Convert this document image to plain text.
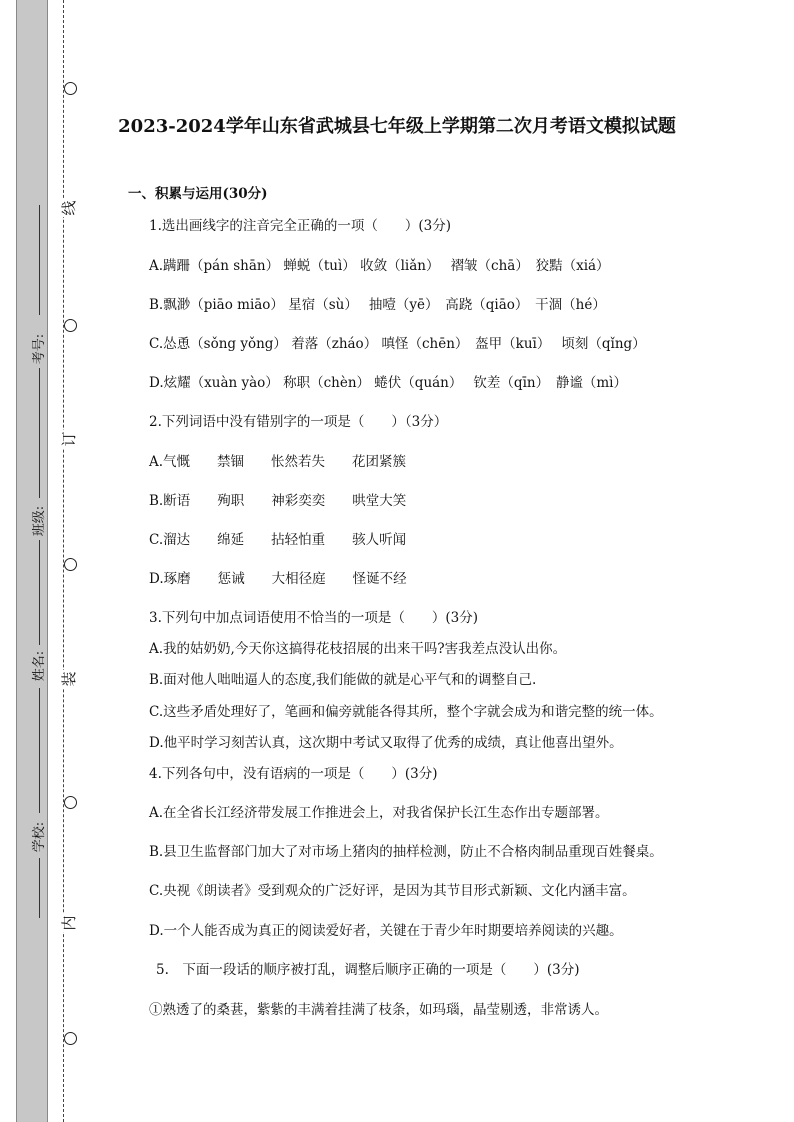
线
订
装
内
考号:
班级:
姓名:
学校:
2023-2024学年山东省武城县七年级上学期第二次月考语文模拟试题
一、积累与运用(30分)
1.选出画线字的注音完全正确的一项（　　）(3分)
A.蹒跚（pán shān） 蝉蜕（tuì） 收敛（liǎn）　 褶皱（chā）　狡黠（xiá）
B.飘渺（piāo miāo） 星宿（sù）　 抽噎（yē）　高跷（qiāo）　干涸（hé）
C.怂恿（sǒng yǒng） 着落（zháo） 嗔怪（chēn）　盔甲（kuī）　 顷刻（qǐng）
D.炫耀（xuàn yào） 称职（chèn） 蜷伏（quán）　 钦差（qīn）　静谧（mì）
2.下列词语中没有错别字的一项是（　　）（3分）
A.气慨　　禁锢　　怅然若失　　花团紧簇
B.断语　　殉职　　神彩奕奕　　哄堂大笑
C.溜达　　绵延　　拈轻怕重　　骇人听闻
D.琢磨　　惩诫　　大相径庭　　怪诞不经
3.下列句中加点词语使用不恰当的一项是（　　）(3分)
A.我的姑奶奶,今天你这搞得花枝招展的出来干吗?害我差点没认出你。
B.面对他人咄咄逼人的态度,我们能做的就是心平气和的调整自己.
C.这些矛盾处理好了，笔画和偏旁就能各得其所，整个字就会成为和谐完整的统一体。
D.他平时学习刻苦认真，这次期中考试又取得了优秀的成绩，真让他喜出望外。
4.下列各句中，没有语病的一项是（　　）(3分)
A.在全省长江经济带发展工作推进会上，对我省保护长江生态作出专题部署。
B.县卫生监督部门加大了对市场上猪肉的抽样检测，防止不合格肉制品重现百姓餐桌。
C.央视《朗读者》受到观众的广泛好评，是因为其节目形式新颖、文化内涵丰富。
D.一个人能否成为真正的阅读爱好者，关键在于青少年时期要培养阅读的兴趣。
5.　下面一段话的顺序被打乱，调整后顺序正确的一项是（　　）(3分)
①熟透了的桑葚，紫紫的丰满着挂满了枝条，如玛瑙，晶莹剔透，非常诱人。
